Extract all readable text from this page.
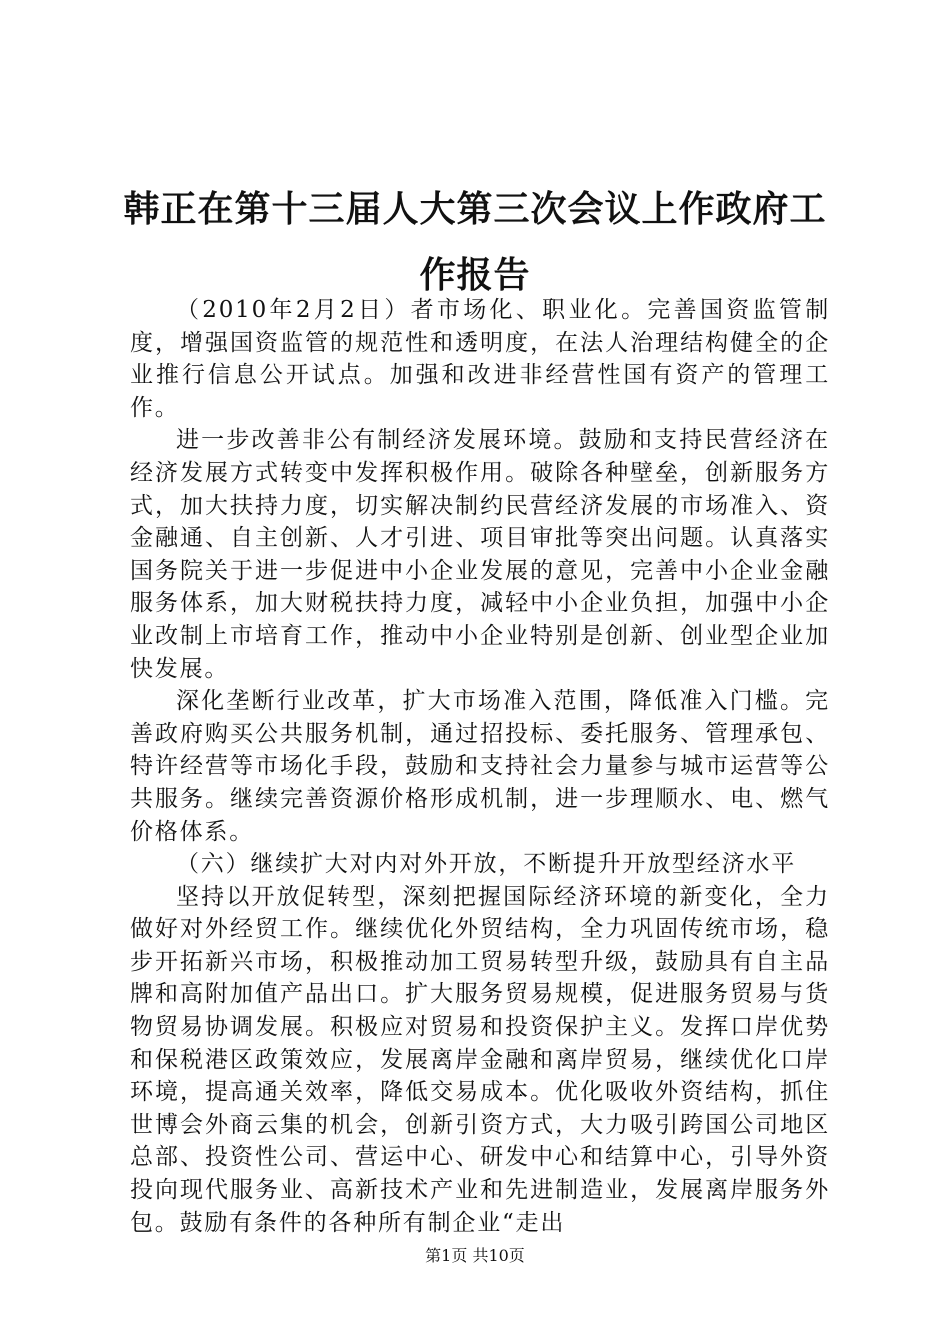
韩正在第十三届人大第三次会议上作政府工作报告

（2010年2月2日）者市场化、职业化。完善国资监管制度，增强国资监管的规范性和透明度，在法人治理结构健全的企业推行信息公开试点。加强和改进非经营性国有资产的管理工作。

进一步改善非公有制经济发展环境。鼓励和支持民营经济在经济发展方式转变中发挥积极作用。破除各种壁垒，创新服务方式，加大扶持力度，切实解决制约民营经济发展的市场准入、资金融通、自主创新、人才引进、项目审批等突出问题。认真落实国务院关于进一步促进中小企业发展的意见，完善中小企业金融服务体系，加大财税扶持力度，减轻中小企业负担，加强中小企业改制上市培育工作，推动中小企业特别是创新、创业型企业加快发展。

深化垄断行业改革，扩大市场准入范围，降低准入门槛。完善政府购买公共服务机制，通过招投标、委托服务、管理承包、特许经营等市场化手段，鼓励和支持社会力量参与城市运营等公共服务。继续完善资源价格形成机制，进一步理顺水、电、燃气价格体系。

（六）继续扩大对内对外开放，不断提升开放型经济水平

坚持以开放促转型，深刻把握国际经济环境的新变化，全力做好对外经贸工作。继续优化外贸结构，全力巩固传统市场，稳步开拓新兴市场，积极推动加工贸易转型升级，鼓励具有自主品牌和高附加值产品出口。扩大服务贸易规模，促进服务贸易与货物贸易协调发展。积极应对贸易和投资保护主义。发挥口岸优势和保税港区政策效应，发展离岸金融和离岸贸易，继续优化口岸环境，提高通关效率，降低交易成本。优化吸收外资结构，抓住世博会外商云集的机会，创新引资方式，大力吸引跨国公司地区总部、投资性公司、营运中心、研发中心和结算中心，引导外资投向现代服务业、高新技术产业和先进制造业，发展离岸服务外包。鼓励有条件的各种所有制企业“走出

第1页 共10页
